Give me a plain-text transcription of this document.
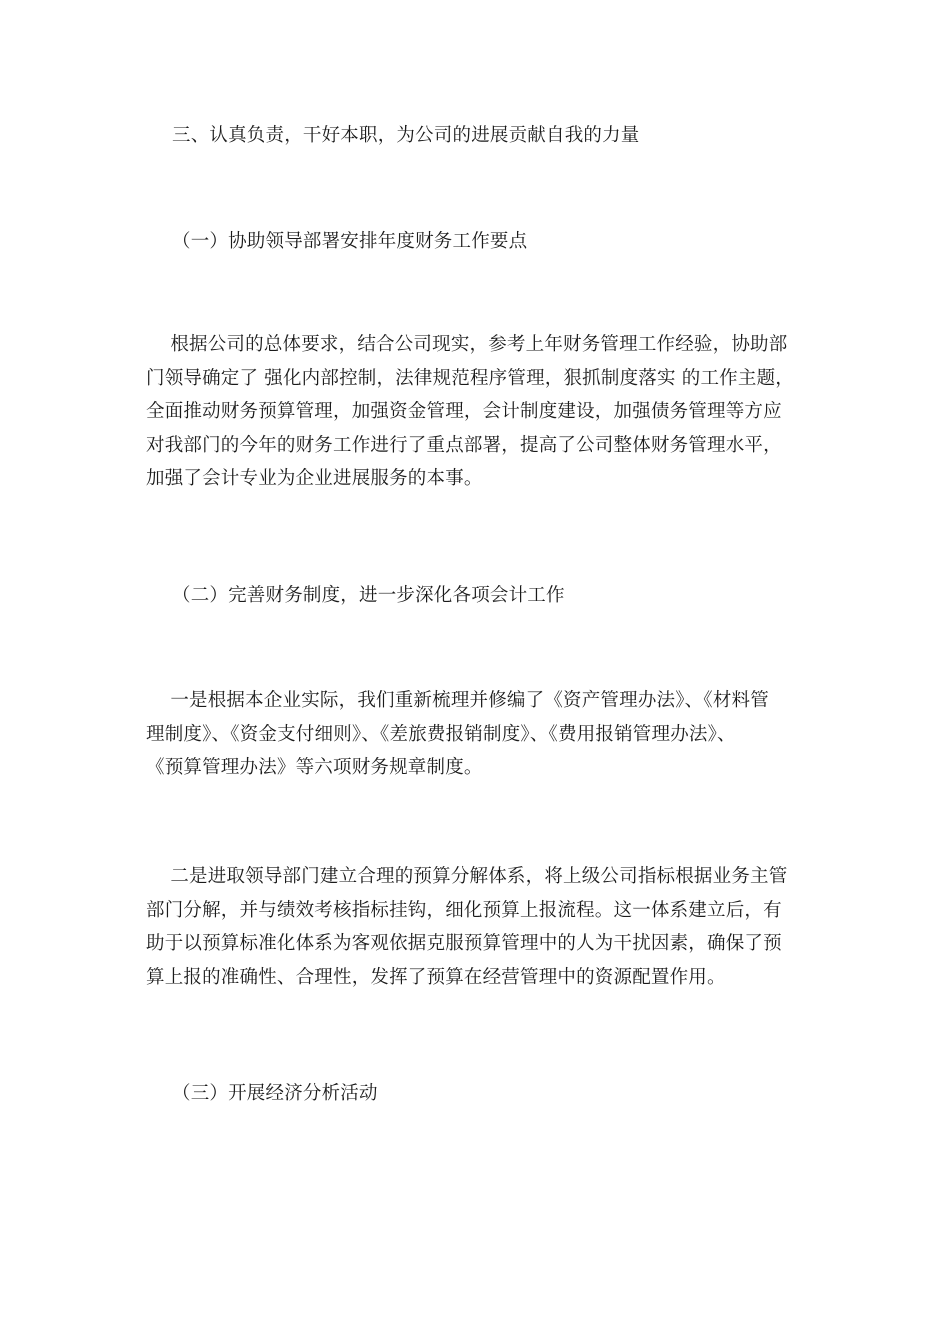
三、认真负责，干好本职，为公司的进展贡献自我的力量
（一）协助领导部署安排年度财务工作要点
根据公司的总体要求，结合公司现实，参考上年财务管理工作经验，协助部
门领导确定了 强化内部控制，法律规范程序管理，狠抓制度落实 的工作主题，
全面推动财务预算管理，加强资金管理，会计制度建设，加强债务管理等方应
对我部门的今年的财务工作进行了重点部署，提高了公司整体财务管理水平，
加强了会计专业为企业进展服务的本事。
（二）完善财务制度，进一步深化各项会计工作
一是根据本企业实际，我们重新梳理并修编了《资产管理办法》、《材料管
理制度》、《资金支付细则》、《差旅费报销制度》、《费用报销管理办法》、
《预算管理办法》等六项财务规章制度。
二是进取领导部门建立合理的预算分解体系，将上级公司指标根据业务主管
部门分解，并与绩效考核指标挂钩，细化预算上报流程。这一体系建立后，有
助于以预算标准化体系为客观依据克服预算管理中的人为干扰因素，确保了预
算上报的准确性、合理性，发挥了预算在经营管理中的资源配置作用。
（三）开展经济分析活动
